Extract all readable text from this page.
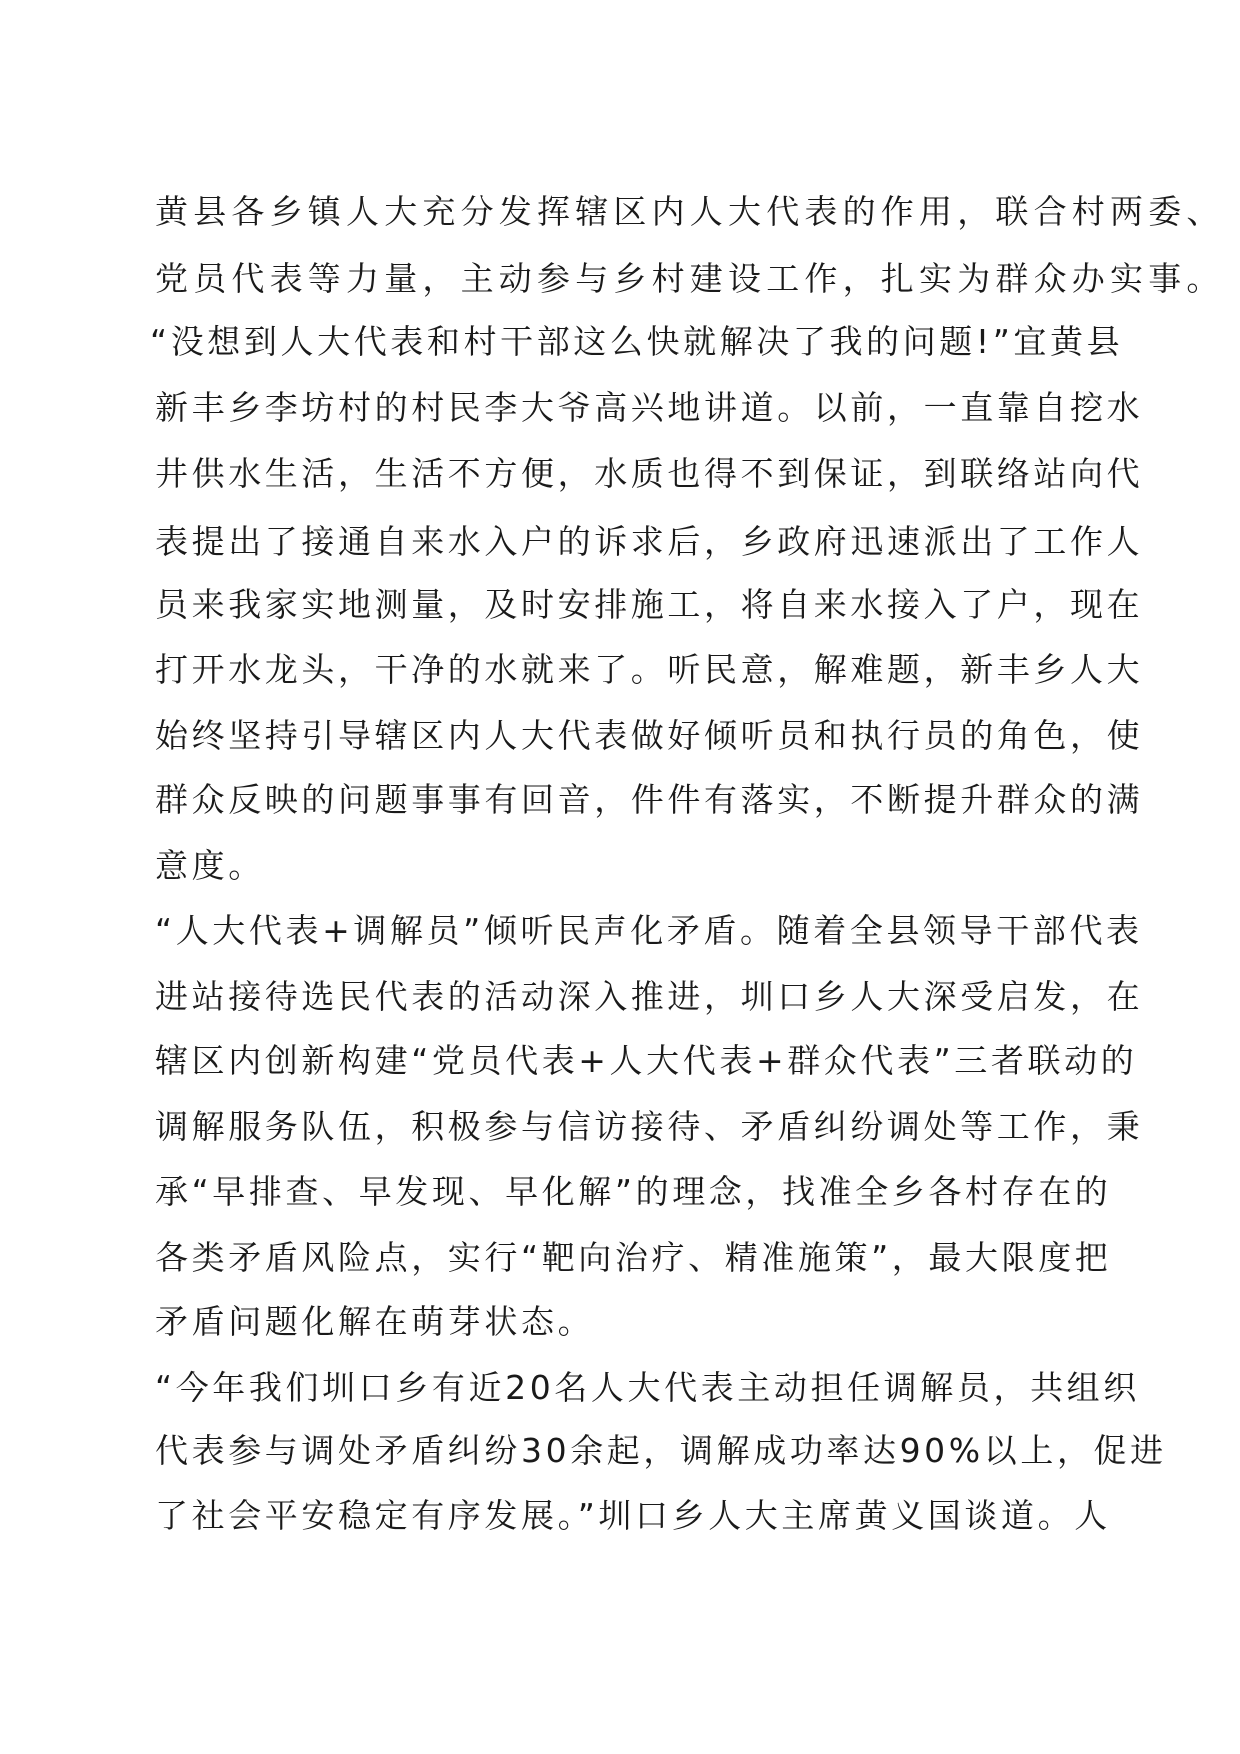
黄县各乡镇人大充分发挥辖区内人大代表的作用，联合村两委、
党员代表等力量，主动参与乡村建设工作，扎实为群众办实事。
“没想到人大代表和村干部这么快就解决了我的问题!”宜黄县
新丰乡李坊村的村民李大爷高兴地讲道。以前，一直靠自挖水
井供水生活，生活不方便，水质也得不到保证，到联络站向代
表提出了接通自来水入户的诉求后，乡政府迅速派出了工作人
员来我家实地测量，及时安排施工，将自来水接入了户，现在
打开水龙头，干净的水就来了。听民意，解难题，新丰乡人大
始终坚持引导辖区内人大代表做好倾听员和执行员的角色，使
群众反映的问题事事有回音，件件有落实，不断提升群众的满
意度。
“人大代表+调解员”倾听民声化矛盾。随着全县领导干部代表
进站接待选民代表的活动深入推进，圳口乡人大深受启发，在
辖区内创新构建“党员代表+人大代表+群众代表”三者联动的
调解服务队伍，积极参与信访接待、矛盾纠纷调处等工作，秉
承“早排查、早发现、早化解”的理念，找准全乡各村存在的
各类矛盾风险点，实行“靶向治疗、精准施策”，最大限度把
矛盾问题化解在萌芽状态。
“今年我们圳口乡有近20名人大代表主动担任调解员，共组织
代表参与调处矛盾纠纷30余起，调解成功率达90%以上，促进
了社会平安稳定有序发展。”圳口乡人大主席黄义国谈道。人
